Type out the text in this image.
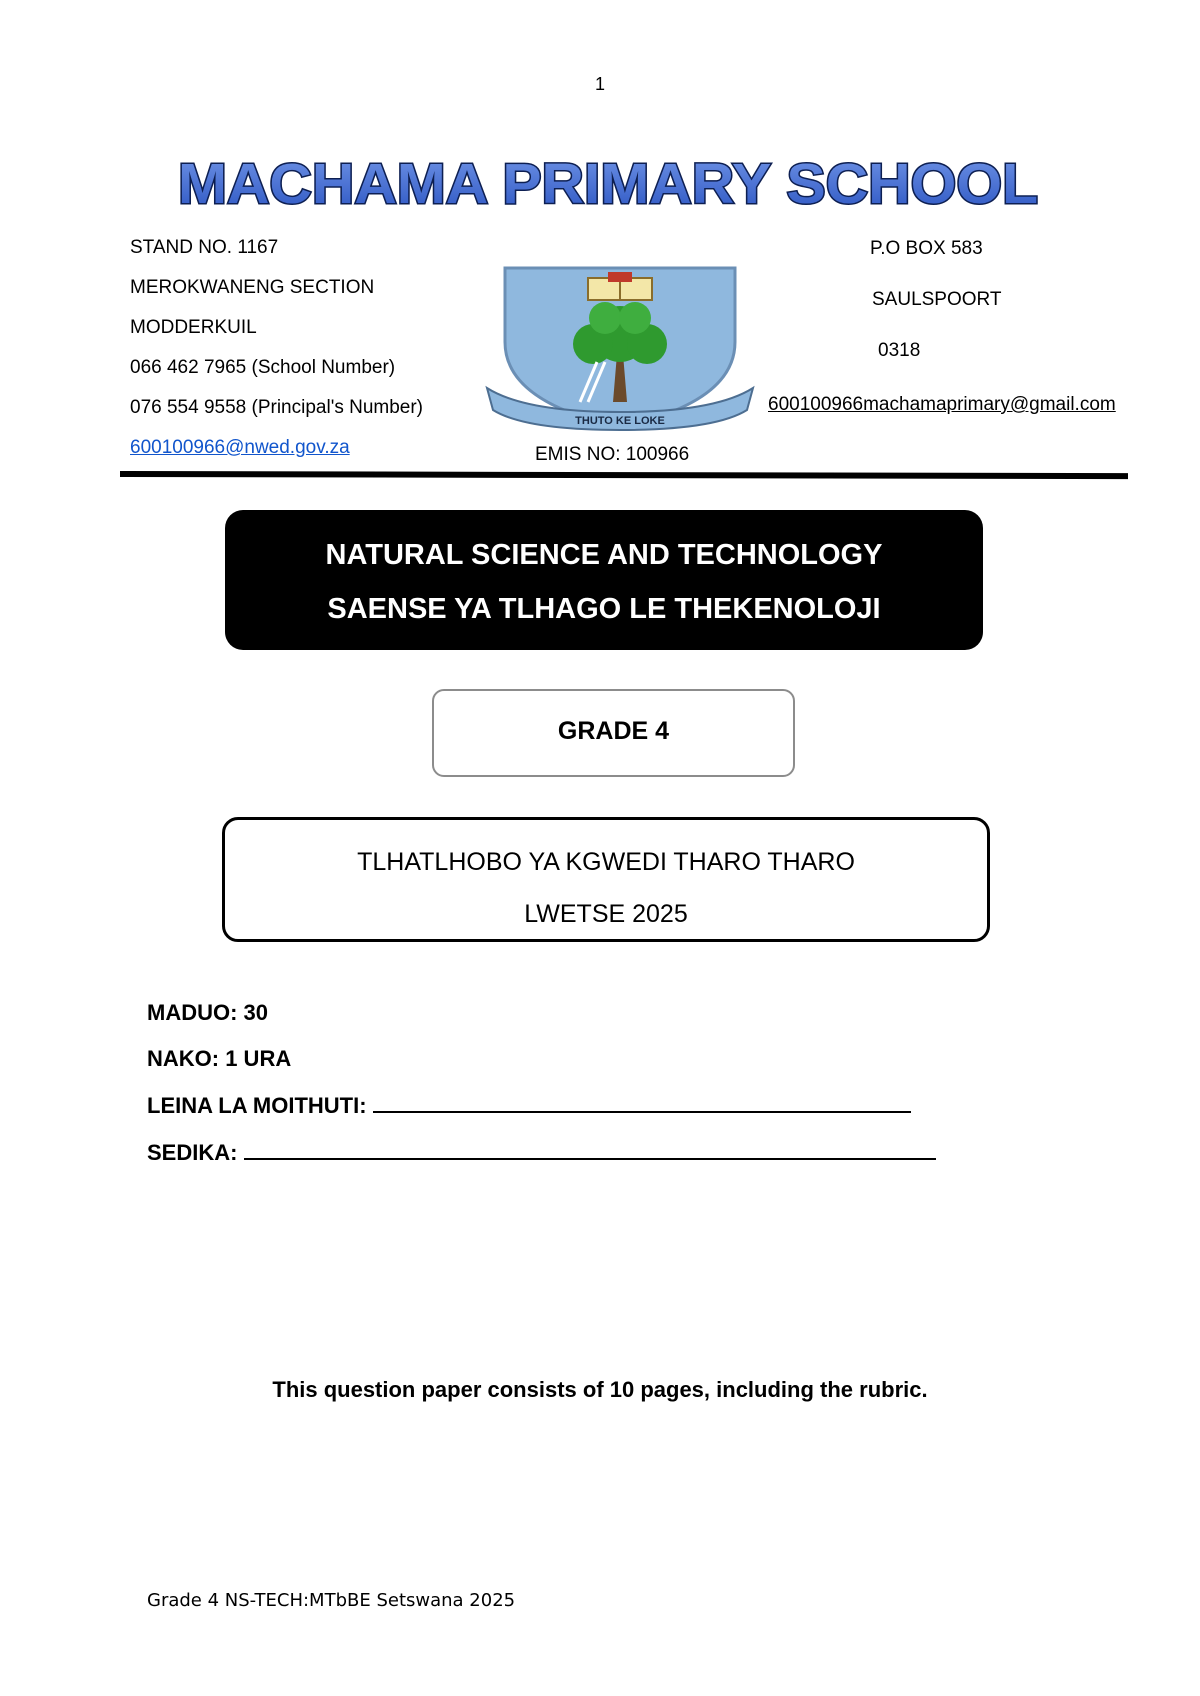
1
MACHAMA PRIMARY SCHOOL
STAND NO. 1167
MEROKWANENG SECTION
MODDERKUIL
066 462 7965 (School Number)
076 554 9558 (Principal's Number)
600100966@nwed.gov.za
THUTO KE LOKE
EMIS NO: 100966
P.O BOX 583
SAULSPOORT
0318
600100966machamaprimary@gmail.com
NATURAL SCIENCE AND TECHNOLOGY
SAENSE YA TLHAGO LE THEKENOLOJI
GRADE 4
TLHATLHOBO YA KGWEDI THARO THARO
LWETSE 2025
MADUO: 30
NAKO: 1 URA
LEINA LA MOITHUTI:
SEDIKA:
This question paper consists of 10 pages, including the rubric.
Grade 4 NS-TECH:MTbBE Setswana 2025
